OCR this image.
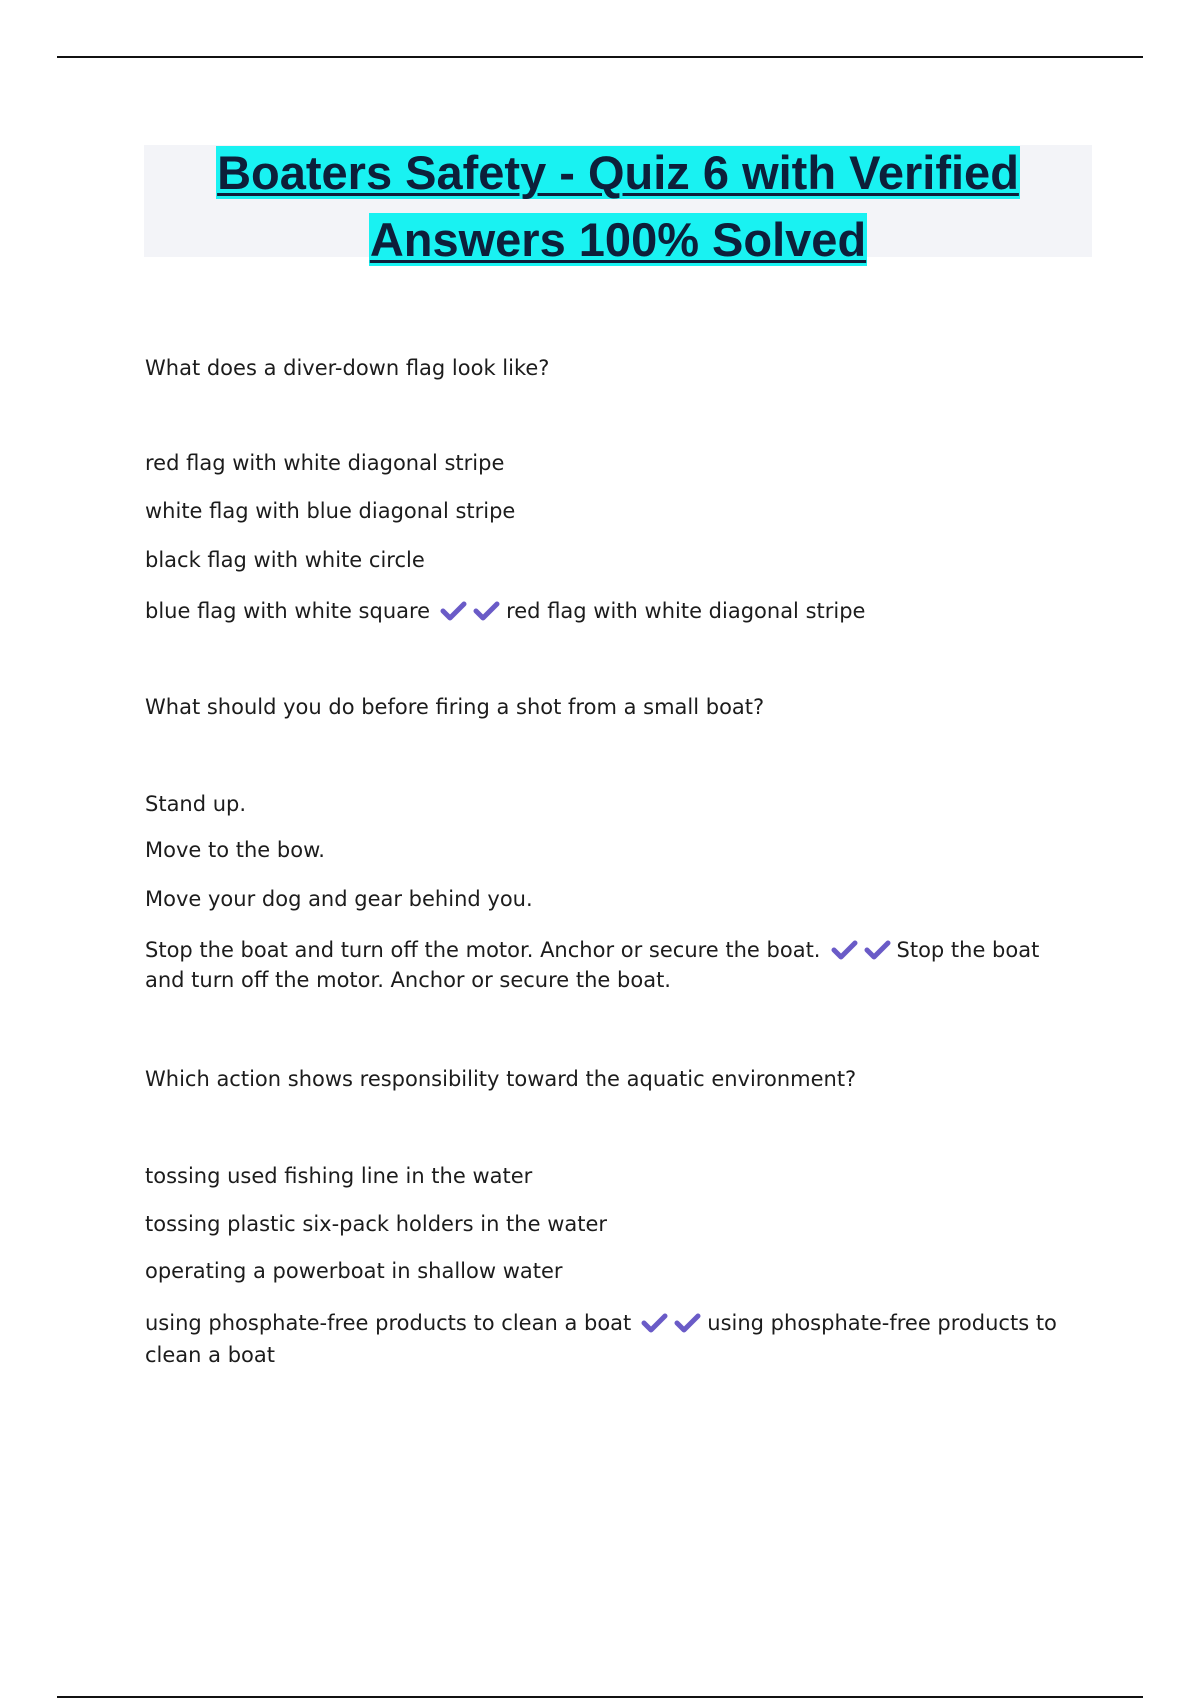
Boaters Safety - Quiz 6 with Verified
Answers 100% Solved
What does a diver-down flag look like?
red flag with white diagonal stripe
white flag with blue diagonal stripe
black flag with white circle
blue flag with white square	red flag with white diagonal stripe
What should you do before firing a shot from a small boat?
Stand up.
Move to the bow.
Move your dog and gear behind you.
Stop the boat and turn off the motor. Anchor or secure the boat.	Stop the boat and turn off the motor. Anchor or secure the boat.
Which action shows responsibility toward the aquatic environment?
tossing used fishing line in the water
tossing plastic six-pack holders in the water
operating a powerboat in shallow water
using phosphate-free products to clean a boat	using phosphate-free products to clean a boat
